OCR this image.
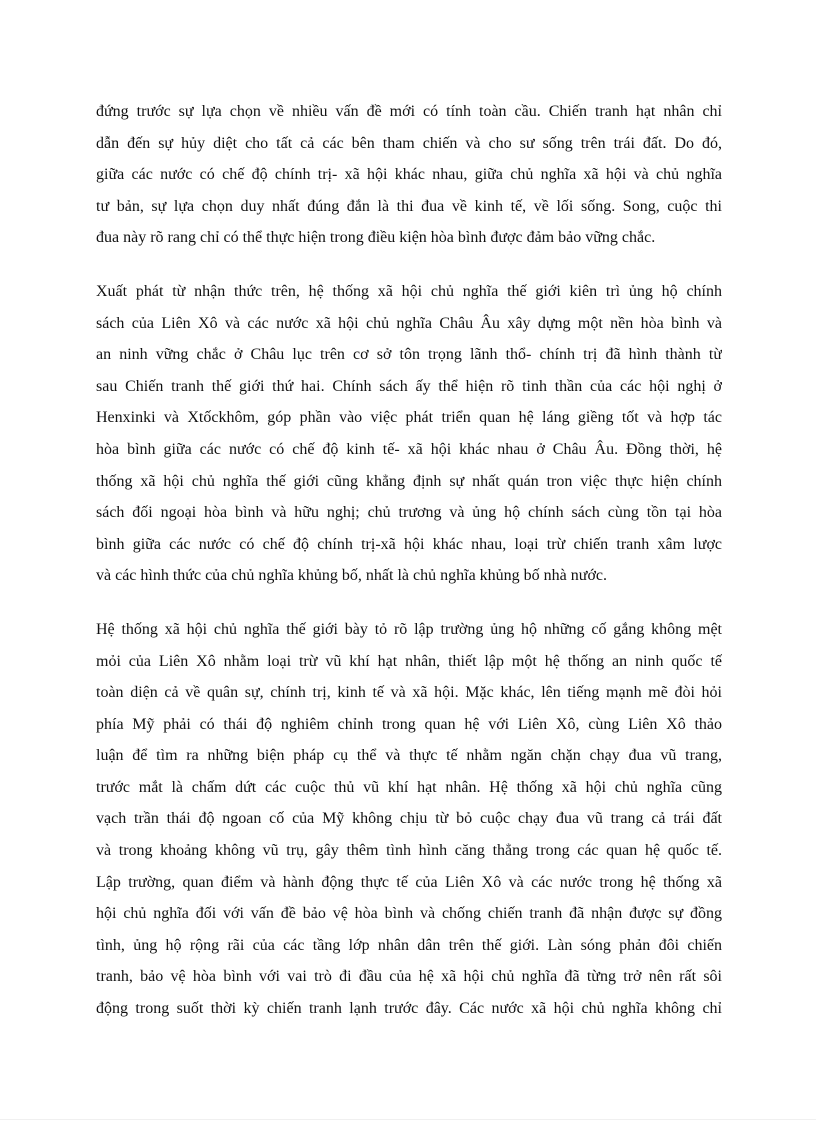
đứng trước sự lựa chọn về nhiều vấn đề mới có tính toàn cầu. Chiến tranh hạt nhân chỉ
dẫn đến sự hủy diệt cho tất cả các bên tham chiến và cho sư sống trên trái đất. Do đó,
giữa các nước có chế độ chính trị- xã hội khác nhau, giữa chủ nghĩa xã hội và chủ nghĩa
tư bản, sự lựa chọn duy nhất đúng đắn là thi đua về kinh tế, về lối sống. Song, cuộc thi
đua này rõ rang chỉ có thể thực hiện trong điều kiện hòa bình được đảm bảo vững chắc.
Xuất phát từ nhận thức trên, hệ thống xã hội chủ nghĩa thế giới kiên trì ủng hộ chính
sách của Liên Xô và các nước xã hội chủ nghĩa Châu Âu xây dựng một nền hòa bình và
an ninh vững chắc ở Châu lục trên cơ sở tôn trọng lãnh thổ- chính trị đã hình thành từ
sau Chiến tranh thế giới thứ hai. Chính sách ấy thể hiện rõ tinh thần của các hội nghị ở
Henxinki và Xtốckhôm, góp phần vào việc phát triển quan hệ láng giềng tốt và hợp tác
hòa bình giữa các nước có chế độ kinh tế- xã hội khác nhau ở Châu Âu. Đồng thời, hệ
thống xã hội chủ nghĩa thế giới cũng khẳng định sự nhất quán tron việc thực hiện chính
sách đối ngoại hòa bình và hữu nghị; chủ trương và ủng hộ chính sách cùng tồn tại hòa
bình giữa các nước có chế độ chính trị-xã hội khác nhau, loại trừ chiến tranh xâm lược
và các hình thức của chủ nghĩa khủng bố, nhất là chủ nghĩa khủng bố nhà nước.
Hệ thống xã hội chủ nghĩa thế giới bày tỏ rõ lập trường ủng hộ những cố gắng không mệt
mỏi của Liên Xô nhằm loại trừ vũ khí hạt nhân, thiết lập một hệ thống an ninh quốc tế
toàn diện cả về quân sự, chính trị, kinh tế và xã hội. Mặc khác, lên tiếng mạnh mẽ đòi hỏi
phía Mỹ phải có thái độ nghiêm chỉnh trong quan hệ với Liên Xô, cùng Liên Xô thảo
luận để tìm ra những biện pháp cụ thể và thực tế nhằm ngăn chặn chạy đua vũ trang,
trước mắt là chấm dứt các cuộc thủ vũ khí hạt nhân. Hệ thống xã hội chủ nghĩa cũng
vạch trần thái độ ngoan cố của Mỹ không chịu từ bỏ cuộc chạy đua vũ trang cả trái đất
và trong khoảng không vũ trụ, gây thêm tình hình căng thẳng trong các quan hệ quốc tế.
Lập trường, quan điểm và hành động thực tế của Liên Xô và các nước trong hệ thống xã
hội chủ nghĩa đối với vấn đề bảo vệ hòa bình và chống chiến tranh đã nhận được sự đồng
tình, ủng hộ rộng rãi của các tầng lớp nhân dân trên thế giới. Làn sóng phản đôi chiến
tranh, bảo vệ hòa bình với vai trò đi đầu của hệ xã hội chủ nghĩa đã từng trở nên rất sôi
động trong suốt thời kỳ chiến tranh lạnh trước đây. Các nước xã hội chủ nghĩa không chỉ
